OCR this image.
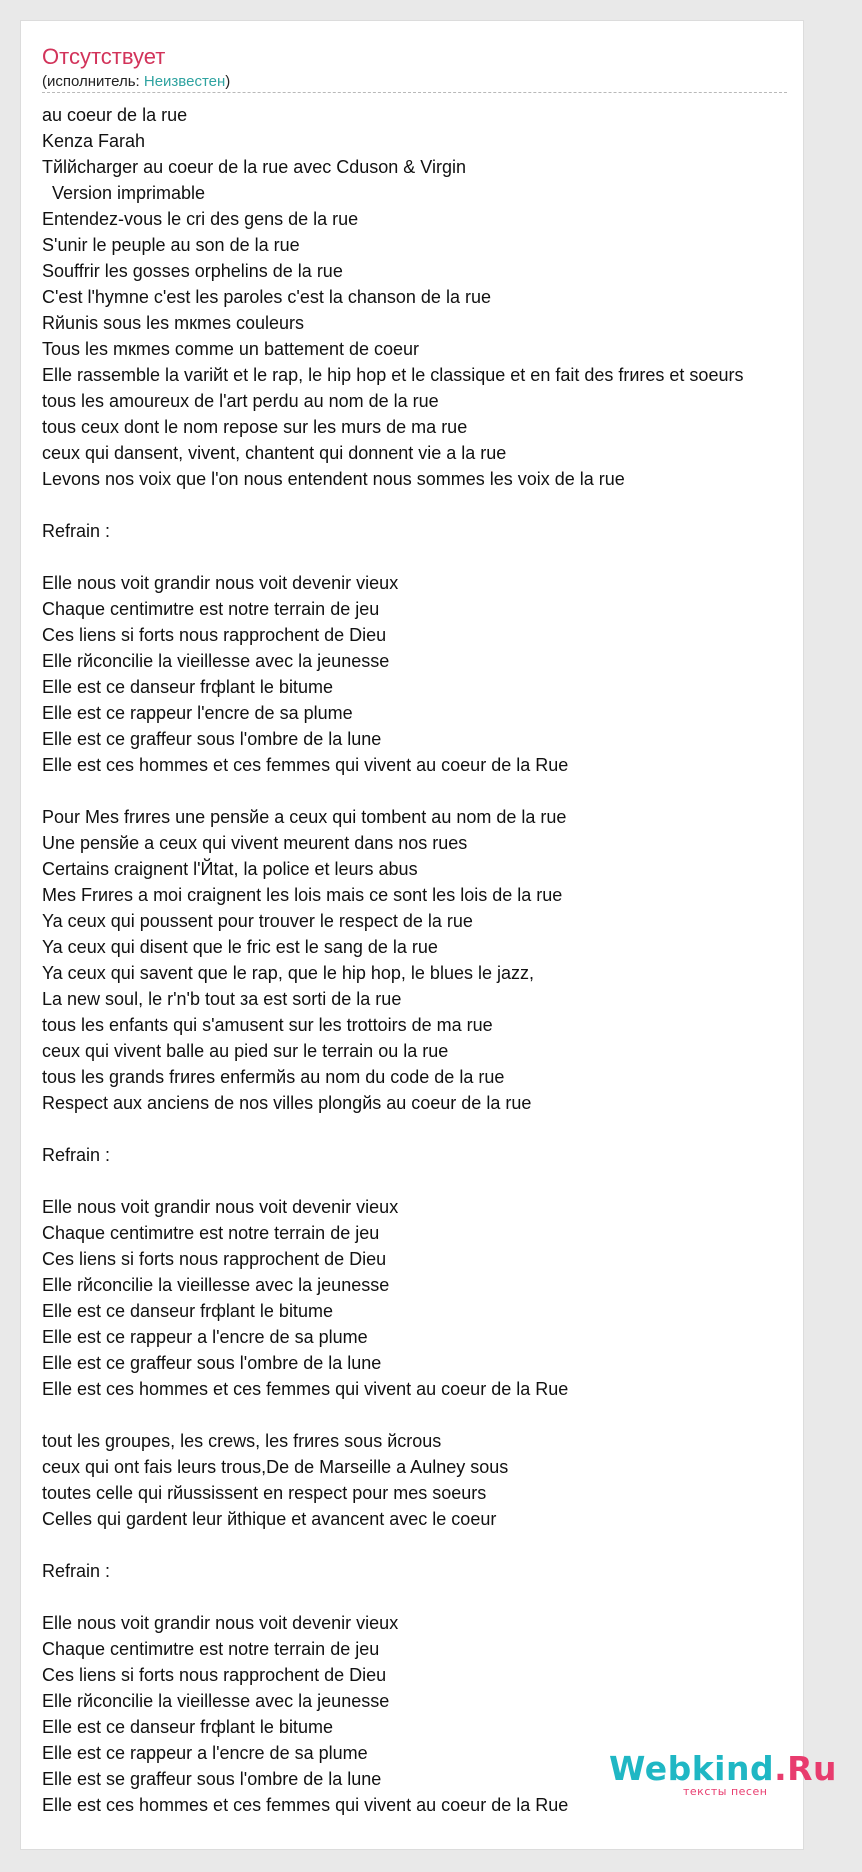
Отсутствует
(исполнитель: Неизвестен)
au coeur de la rue
Kenza Farah
Tйlйcharger au coeur de la rue avec Cduson & Virgin
Version imprimable
Entendez-vous le cri des gens de la rue
S'unir le peuple au son de la rue
Souffrir les gosses orphelins de la rue
C'est l'hymne c'est les paroles c'est la chanson de la rue
Rйunis sous les mкmes couleurs
Tous les mкmes comme un battement de coeur
Elle rassemble la variйt et le rap, le hip hop et le classique et en fait des frиres et soeurs
tous les amoureux de l'art perdu au nom de la rue
tous ceux dont le nom repose sur les murs de ma rue
ceux qui dansent, vivent, chantent qui donnent vie a la rue
Levons nos voix que l'on nous entendent nous sommes les voix de la rue
Refrain :
Elle nous voit grandir nous voit devenir vieux
Chaque centimиtre est notre terrain de jeu
Ces liens si forts nous rapprochent de Dieu
Elle rйconcilie la vieillesse avec la jeunesse
Elle est ce danseur frфlant le bitume
Elle est ce rappeur l'encre de sa plume
Elle est ce graffeur sous l'ombre de la lune
Elle est ces hommes et ces femmes qui vivent au coeur de la Rue
Pour Mes frиres une pensйe a ceux qui tombent au nom de la rue
Une pensйe a ceux qui vivent meurent dans nos rues
Certains craignent l'Йtat, la police et leurs abus
Mes Frиres a moi craignent les lois mais ce sont les lois de la rue
Ya ceux qui poussent pour trouver le respect de la rue
Ya ceux qui disent que le fric est le sang de la rue
Ya ceux qui savent que le rap, que le hip hop, le blues le jazz,
La new soul, le r'n'b tout за est sorti de la rue
tous les enfants qui s'amusent sur les trottoirs de ma rue
ceux qui vivent balle au pied sur le terrain ou la rue
tous les grands frиres enfermйs au nom du code de la rue
Respect aux anciens de nos villes plongйs au coeur de la rue
Refrain :
Elle nous voit grandir nous voit devenir vieux
Chaque centimиtre est notre terrain de jeu
Ces liens si forts nous rapprochent de Dieu
Elle rйconcilie la vieillesse avec la jeunesse
Elle est ce danseur frфlant le bitume
Elle est ce rappeur a l'encre de sa plume
Elle est ce graffeur sous l'ombre de la lune
Elle est ces hommes et ces femmes qui vivent au coeur de la Rue
tout les groupes, les crews, les frиres sous йcrous
ceux qui ont fais leurs trous,De de Marseille a Aulney sous
toutes celle qui rйussissent en respect pour mes soeurs
Celles qui gardent leur йthique et avancent avec le coeur
Refrain :
Elle nous voit grandir nous voit devenir vieux
Chaque centimиtre est notre terrain de jeu
Ces liens si forts nous rapprochent de Dieu
Elle rйconcilie la vieillesse avec la jeunesse
Elle est ce danseur frфlant le bitume
Elle est ce rappeur a l'encre de sa plume
Elle est se graffeur sous l'ombre de la lune
Elle est ces hommes et ces femmes qui vivent au coeur de la Rue
Webkind.Ru
тексты песен
